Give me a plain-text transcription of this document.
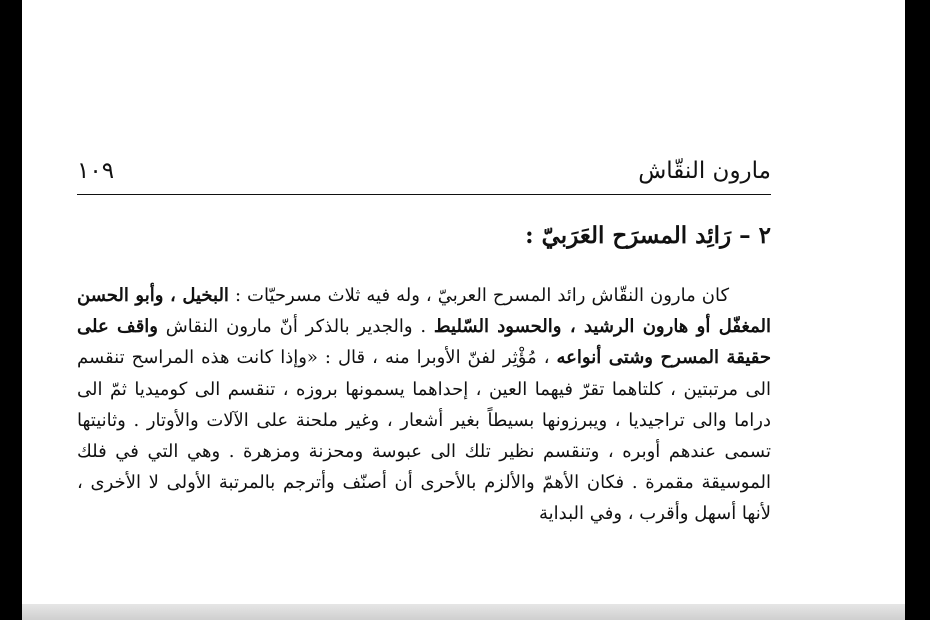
مارون النقّاش
١٠٩
٢ – رَائِد المسرَح العَرَبيّ :

كان مارون النقّاش رائد المسرح العربيّ ، وله فيه ثلاث مسرحيّات : البخيل ، وأبو الحسن المغفّل أو هارون الرشيد ، والحسود السّليط . والجدير بالذكر أنّ مارون النقاش واقف على حقيقة المسرح وشتى أنواعه ، مُؤْثِر لفنّ الأوبرا منه ، قال : «وإذا كانت هذه المراسح تنقسم الى مرتبتين ، كلتاهما تقرّ فيهما العين ، إحداهما يسمونها بروزه ، تنقسم الى كوميديا ثمّ الى دراما والى تراجيديا ، ويبرزونها بسيطاً بغير أشعار ، وغير ملحنة على الآلات والأوتار . وثانيتها تسمى عندهم أوبره ، وتنقسم نظير تلك الى عبوسة ومحزنة ومزهرة . وهي التي في فلك الموسيقة مقمرة . فكان الأهمّ والألزم بالأحرى أن أصنّف وأترجم بالمرتبة الأولى لا الأخرى ، لأنها أسهل وأقرب ، وفي البداية
